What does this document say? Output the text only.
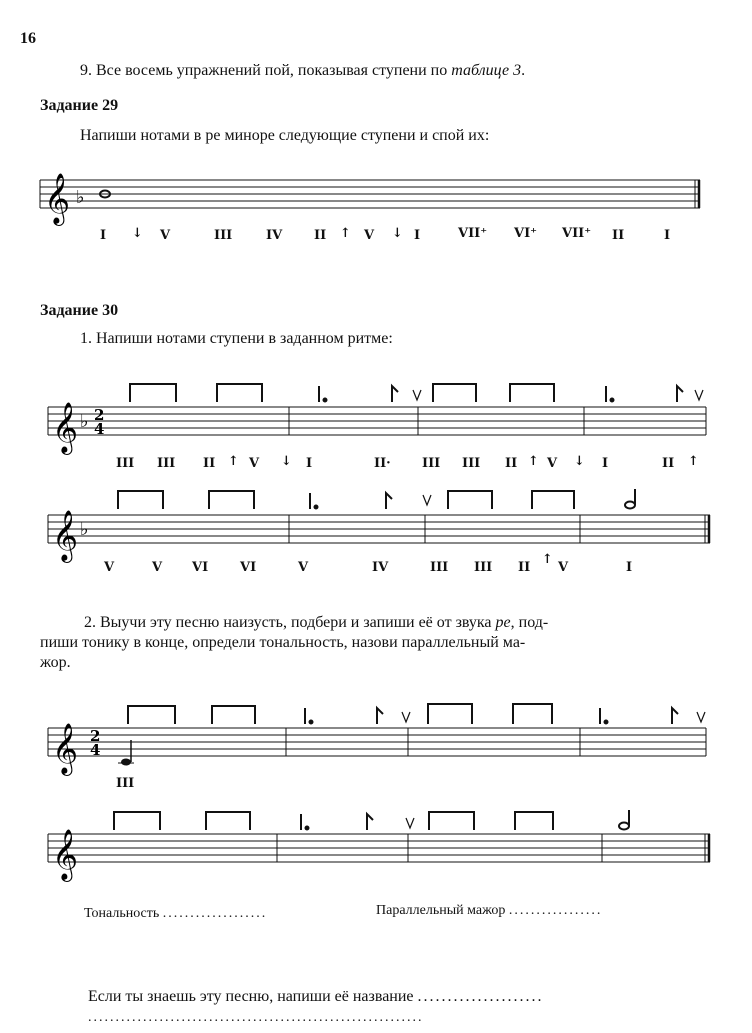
16
9. Все восемь упражнений пой, показывая ступени по таблице 3.
Задание 29
Напиши нотами в ре миноре следующие ступени и спой их:
𝄞 ♭
I ↓ V	III	IV II ↑ V ↓ I	VII⁺ VI⁺ VII⁺ II	I
Задание 30
1. Напиши нотами ступени в заданном ритме:
𝄞 ♭ 2
4
III III II ↑ V ↓ I	II· III III II ↑ V ↓ I	II ↑
𝄞 ♭
V	V VI VI	V	IV	III III II
↑
V	I
2. Выучи эту песню наизусть, подбери и запиши её от звука ре, под-
пиши тонику в конце, определи тональность, назови параллельный ма-
жор.
𝄞 2
4
III
𝄞
Тональность ...................	Параллельный мажор .................
Если ты знаешь эту песню, напиши её название .....................
.............................................................
